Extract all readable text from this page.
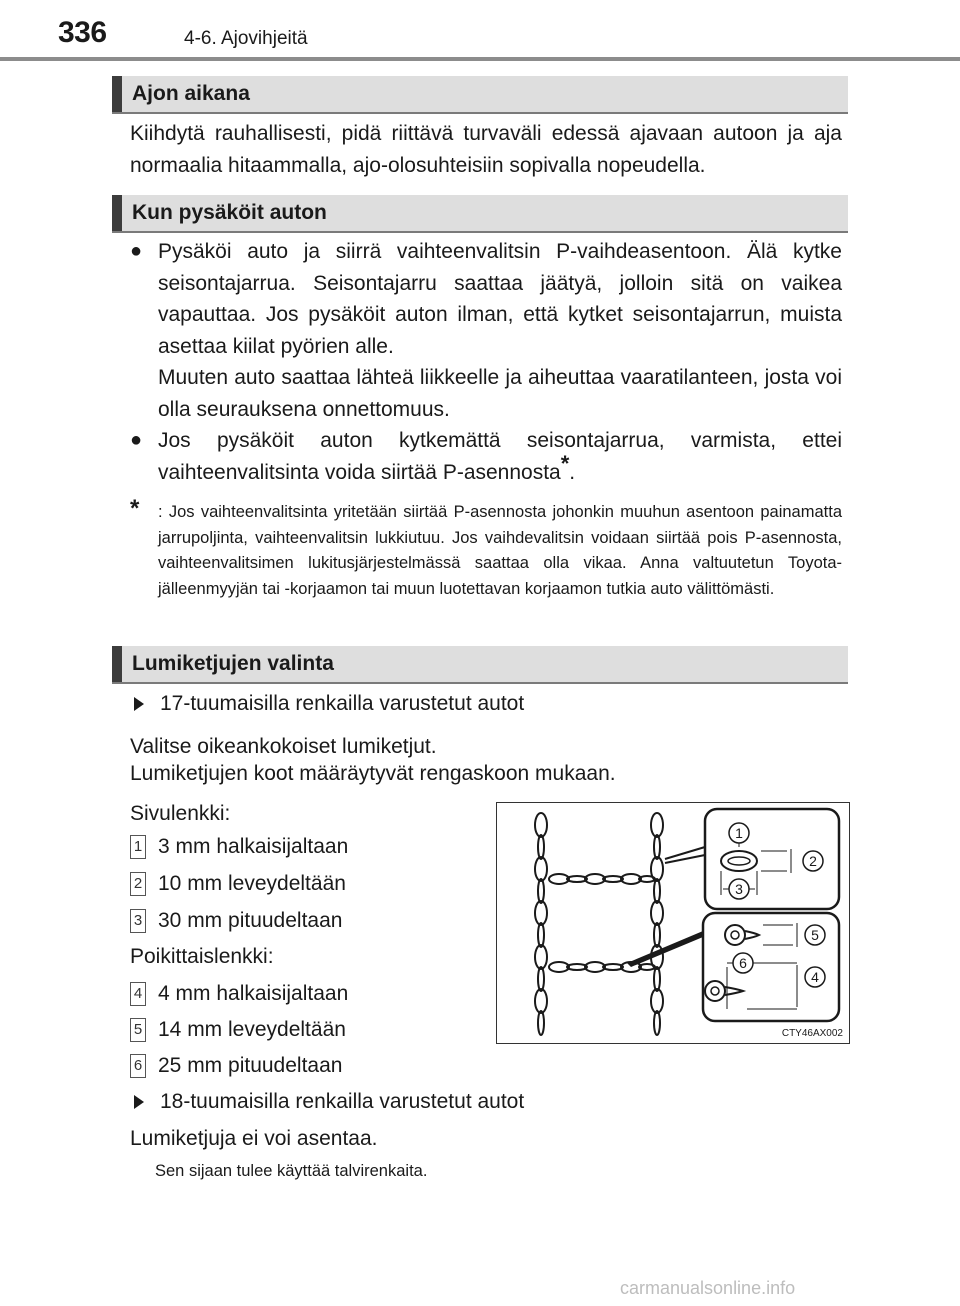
336	4-6. Ajovihjeitä
Ajon aikana

Kiihdytä rauhallisesti, pidä riittävä turvaväli edessä ajavaan autoon ja aja normaalia hitaammalla, ajo-olosuhteisiin sopivalla nopeudella.

Kun pysäköit auton
● Pysäköi auto ja siirrä vaihteenvalitsin P-vaihdeasentoon. Älä kytke seisontajarrua. Seisontajarru saattaa jäätyä, jolloin sitä on vaikea vapauttaa. Jos pysäköit auton ilman, että kytket seisontajarrun, muista asettaa kiilat pyörien alle.

Muuten auto saattaa lähteä liikkeelle ja aiheuttaa vaaratilanteen, josta voi olla seurauksena onnettomuus.

● Jos pysäköit auton kytkemättä seisontajarrua, varmista, ettei vaihteenvalitsinta voida siirtää P-asennosta*.

* : Jos vaihteenvalitsinta yritetään siirtää P-asennosta johonkin muuhun asentoon painamatta jarrupoljinta, vaihteenvalitsin lukkiutuu. Jos vaihdevalitsin voidaan siirtää pois P-asennosta, vaihteenvalitsimen lukitusjärjestelmässä saattaa olla vikaa. Anna valtuutetun Toyota-jälleenmyyjän tai -korjaamon tai muun luotettavan korjaamon tutkia auto välittömästi.
Lumiketjujen valinta
17-tuumaisilla renkailla varustetut autot
Valitse oikeankokoiset lumiketjut.
Lumiketjujen koot määräytyvät rengaskoon mukaan.
Sivulenkki:
1 3 mm halkaisijaltaan
2 10 mm leveydeltään
3 30 mm pituudeltaan
Poikittaislenkki:
4 4 mm halkaisijaltaan
5 14 mm leveydeltään
6 25 mm pituudeltaan
18-tuumaisilla renkailla varustetut autot
Lumiketjuja ei voi asentaa.
Sen sijaan tulee käyttää talvirenkaita.
1
2
3
5
6
4
CTY46AX002
carmanualsonline.info
